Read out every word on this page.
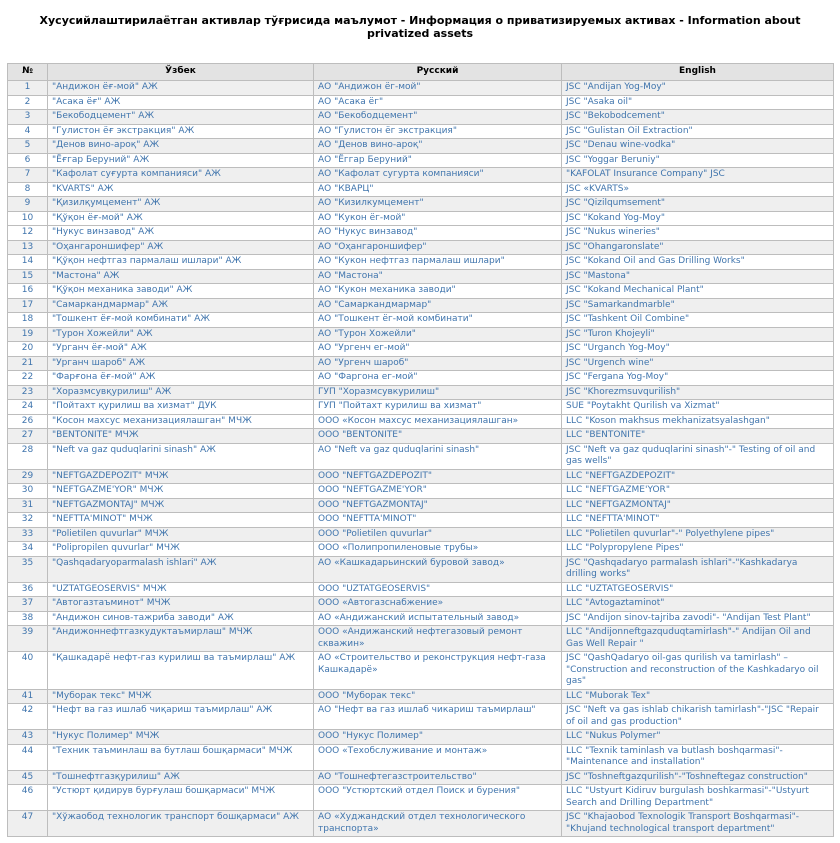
Хусусийлаштирилаётган активлар тўғрисида маълумот - Информация о приватизируемых активах - Information about privatized assets
№	Ўзбек	Русский	English
1	"Андижон ёғ-мой" АЖ	АО "Андижон ёг-мой"	JSC "Andijan Yog-Moy"
2	"Асака ёғ" АЖ	АО "Асака ёг"	JSC "Asaka oil"
3	"Бекободцемент" АЖ	АО "Бекободцемент"	JSC "Bekobodcement"
4	"Гулистон ёғ экстракция" АЖ	АО "Гулистон ёг экстракция"	JSC "Gulistan Oil Extraction"
5	"Денов вино-ароқ" АЖ	АО "Денов вино-ароқ"	JSC "Denau wine-vodka"
6	"Ёғгар Беруний" АЖ	АО "Ёггар Беруний"	JSC "Yoggar Beruniy"
7	"Кафолат суғурта компанияси" АЖ	АО "Кафолат сугурта компанияси"	"KAFOLAT Insurance Company" JSC
8	"KVARTS" АЖ	АО "КВАРЦ"	JSC «KVARTS»
9	"Қизилқумцемент" АЖ	АО "Кизилкумцемент"	JSC "Qizilqumsement"
10	"Қўқон ёғ-мой" АЖ	АО "Кукон ёг-мой"	JSC "Kokand Yog-Moy"
12	"Нукус винзавод" АЖ	АО "Нукус винзавод"	JSC "Nukus wineries"
13	"Оҳангароншифер" АЖ	АО "Оҳангароншифер"	JSC "Ohangaronslate"
14	"Қўқон нефтгаз пармалаш ишлари" АЖ	АО "Кукон нефтгаз пармалаш ишлари"	JSC "Kokand Oil and Gas Drilling Works"
15	"Мастона" АЖ	АО "Мастона"	JSC "Mastona"
16	"Қўқон механика заводи" АЖ	АО "Кукон механика заводи"	JSC "Kokand Mechanical Plant"
17	"Самаркандмармар" АЖ	АО "Самаркандмармар"	JSC "Samarkandmarble"
18	"Тошкент ёғ-мой комбинати" АЖ	АО "Тошкент ёг-мой комбинати"	JSC "Tashkent Oil Combine"
19	"Турон Хожейли" АЖ	АО "Турон Хожейли"	JSC "Turon Khojeyli"
20	"Урганч ёғ-мой" АЖ	АО "Ургенч ег-мой"	JSC "Urganch Yog-Moy"
21	"Урганч шароб" АЖ	АО "Ургенч шароб"	JSC "Urgench wine"
22	"Фарғона ёғ-мой" АЖ	АО "Фаргона ег-мой"	JSC "Fergana Yog-Moy"
23	"Хоразмсувқурилиш" АЖ	ГУП "Хоразмсувкурилиш"	JSC "Khorezmsuvqurilish"
24	"Пойтахт қурилиш ва хизмат" ДУК	ГУП "Пойтахт курилиш ва хизмат"	SUE "Poytakht Qurilish va Xizmat"
26	"Косон махсус механизациялашган" МЧЖ	ООО «Косон махсус механизациялашган»	LLC "Koson makhsus mekhanizatsyalashgan"
27	"BENTONITE" МЧЖ	ООО "BENTONITE"	LLC "BENTONITE"
28	"Neft va gaz quduqlarini sinash" АЖ	АО "Neft va gaz quduqlarini sinash"	JSC "Neft va gaz quduqlarini sinash"-" Testing of oil and gas wells"
29	"NEFTGAZDEPOZIT" МЧЖ	ООО "NEFTGAZDEPOZIT"	LLC "NEFTGAZDEPOZIT"
30	"NEFTGAZME'YOR" МЧЖ	ООО "NEFTGAZME'YOR"	LLC "NEFTGAZME'YOR"
31	"NEFTGAZMONTAJ" МЧЖ	ООО "NEFTGAZMONTAJ"	LLC "NEFTGAZMONTAJ"
32	"NEFTTA'MINOT" МЧЖ	ООО "NEFTTA'MINOT"	LLC "NEFTTA'MINOT"
33	"Polietilen quvurlar" МЧЖ	ООО "Polietilen quvurlar"	LLC "Polietilen quvurlar"-" Polyethylene pipes"
34	"Polipropilen quvurlar" МЧЖ	ООО «Полипропиленовые трубы»	LLC "Polypropylene Pipes"
35	"Qashqadaryoparmalash ishlari" АЖ	АО «Кашкадарьинский буровой завод»	JSC "Qashqadaryo parmalash ishlari"-"Kashkadarya drilling works"
36	"UZTATGEOSERVIS" МЧЖ	ООО "UZTATGEOSERVIS"	LLC "UZTATGEOSERVIS"
37	"Автогазтаъминот" МЧЖ	ООО «Автогазснабжение»	LLC "Avtogaztaminot"
38	"Андижон синов-тажриба заводи" АЖ	АО «Андижанский испытательный завод»	JSC "Andijon sinov-tajriba zavodi"- "Andijan Test Plant"
39	"Андижоннефтгазкудуктаъмирлаш" МЧЖ	ООО «Андижанский нефтегазовый ремонт скважин»	LLC "Andijonneftgazquduqtamirlash"-" Andijan Oil and Gas Well Repair "
40	"Қашкадарё нефт-газ курилиш ва таъмирлаш" АЖ	АО «Строительство и реконструкция нефт-газа Кашкадарё»	JSC "QashQadaryo oil-gas qurilish va tamirlash" – "Construction and reconstruction of the Kashkadaryo oil gas"
41	"Муборак текс" МЧЖ	ООО "Муборак текс"	LLC "Muborak Tex"
42	"Нефт ва газ ишлаб чиқариш таъмирлаш" АЖ	АО "Нефт ва газ ишлаб чикариш таъмирлаш"	JSC "Neft va gas ishlab chikarish tamirlash"-"JSC "Repair of oil and gas production"
43	"Нукус Полимер" МЧЖ	ООО "Нукус Полимер"	LLC "Nukus Polymer"
44	"Техник таъминлаш ва бутлаш бошқармаси" МЧЖ	ООО «Техобслуживание и монтаж»	LLC "Texnik taminlash va butlash boshqarmasi"-"Maintenance and installation"
45	"Тошнефтгазқурилиш" АЖ	АО "Тошнефтегазстроительство"	JSC "Toshneftgazqurilish"-"Toshneftegaz construction"
46	"Устюрт қидирув бурғулаш бошқармаси" МЧЖ	ООО "Устюртский отдел Поиск и бурения"	LLC "Ustyurt Kidiruv burgulash boshkarmasi"-"Ustyurt Search and Drilling Department"
47	"Хўжаобод технологик транспорт бошқармаси" АЖ	АО «Худжандский отдел технологического транспорта»	JSC "Khajaobod Texnologik Transport Boshqarmasi"-"Khujand technological transport department"
